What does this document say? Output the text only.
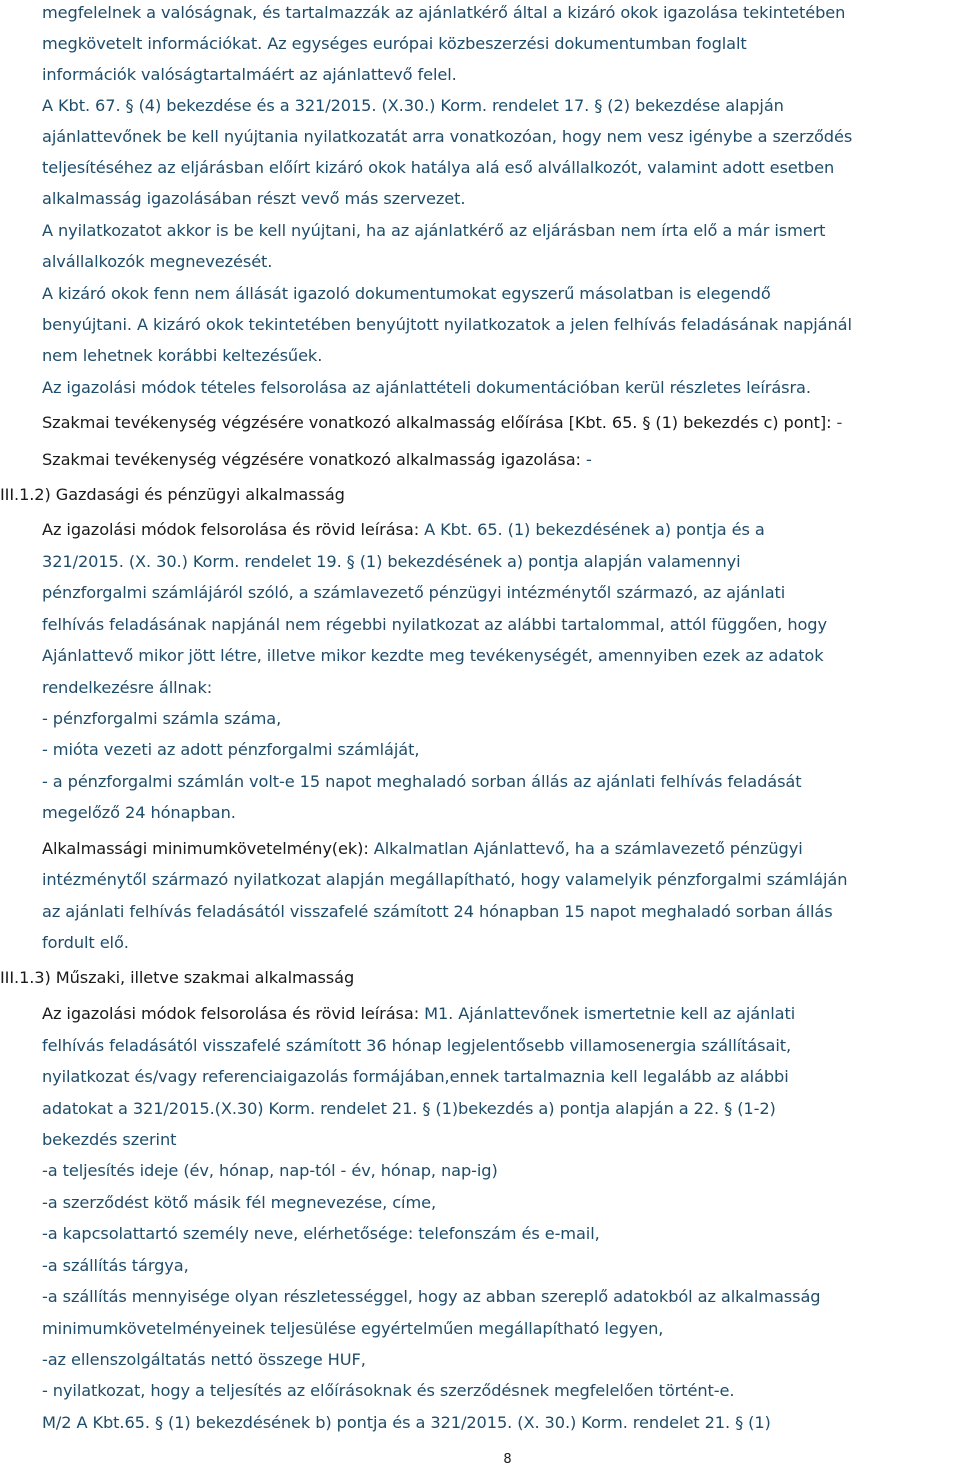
megfelelnek a valóságnak, és tartalmazzák az ajánlatkérő által a kizáró okok igazolása tekintetében
megkövetelt információkat. Az egységes európai közbeszerzési dokumentumban foglalt
információk valóságtartalmáért az ajánlattevő felel.
A Kbt. 67. § (4) bekezdése és a 321/2015. (X.30.) Korm. rendelet 17. § (2) bekezdése alapján
ajánlattevőnek be kell nyújtania nyilatkozatát arra vonatkozóan, hogy nem vesz igénybe a szerződés
teljesítéséhez az eljárásban előírt kizáró okok hatálya alá eső alvállalkozót, valamint adott esetben
alkalmasság igazolásában részt vevő más szervezet.
A nyilatkozatot akkor is be kell nyújtani, ha az ajánlatkérő az eljárásban nem írta elő a már ismert
alvállalkozók megnevezését.
A kizáró okok fenn nem állását igazoló dokumentumokat egyszerű másolatban is elegendő
benyújtani. A kizáró okok tekintetében benyújtott nyilatkozatok a jelen felhívás feladásának napjánál
nem lehetnek korábbi keltezésűek.
Az igazolási módok tételes felsorolása az ajánlattételi dokumentációban kerül részletes leírásra.
Szakmai tevékenység végzésére vonatkozó alkalmasság előírása [Kbt. 65. § (1) bekezdés c) pont]: -
Szakmai tevékenység végzésére vonatkozó alkalmasság igazolása: -
III.1.2) Gazdasági és pénzügyi alkalmasság
Az igazolási módok felsorolása és rövid leírása: A Kbt. 65. (1) bekezdésének a) pontja és a
321/2015. (X. 30.) Korm. rendelet 19. § (1) bekezdésének a) pontja alapján valamennyi
pénzforgalmi számlájáról szóló, a számlavezető pénzügyi intézménytől származó, az ajánlati
felhívás feladásának napjánál nem régebbi nyilatkozat az alábbi tartalommal, attól függően, hogy
Ajánlattevő mikor jött létre, illetve mikor kezdte meg tevékenységét, amennyiben ezek az adatok
rendelkezésre állnak:
- pénzforgalmi számla száma,
- mióta vezeti az adott pénzforgalmi számláját,
- a pénzforgalmi számlán volt-e 15 napot meghaladó sorban állás az ajánlati felhívás feladását
megelőző 24 hónapban.
Alkalmassági minimumkövetelmény(ek): Alkalmatlan Ajánlattevő, ha a számlavezető pénzügyi
intézménytől származó nyilatkozat alapján megállapítható, hogy valamelyik pénzforgalmi számláján
az ajánlati felhívás feladásától visszafelé számított 24 hónapban 15 napot meghaladó sorban állás
fordult elő.
III.1.3) Műszaki, illetve szakmai alkalmasság
Az igazolási módok felsorolása és rövid leírása: M1. Ajánlattevőnek ismertetnie kell az ajánlati
felhívás feladásától visszafelé számított 36 hónap legjelentősebb villamosenergia szállításait,
nyilatkozat és/vagy referenciaigazolás formájában,ennek tartalmaznia kell legalább az alábbi
adatokat a 321/2015.(X.30) Korm. rendelet 21. § (1)bekezdés a) pontja alapján a 22. § (1-2)
bekezdés szerint
-a teljesítés ideje (év, hónap, nap-tól - év, hónap, nap-ig)
-a szerződést kötő másik fél megnevezése, címe,
-a kapcsolattartó személy neve, elérhetősége: telefonszám és e-mail,
-a szállítás tárgya,
-a szállítás mennyisége olyan részletességgel, hogy az abban szereplő adatokból az alkalmasság
minimumkövetelményeinek teljesülése egyértelműen megállapítható legyen,
-az ellenszolgáltatás nettó összege HUF,
- nyilatkozat, hogy a teljesítés az előírásoknak és szerződésnek megfelelően történt-e.
M/2 A Kbt.65. § (1) bekezdésének b) pontja és a 321/2015. (X. 30.) Korm. rendelet 21. § (1)
8
